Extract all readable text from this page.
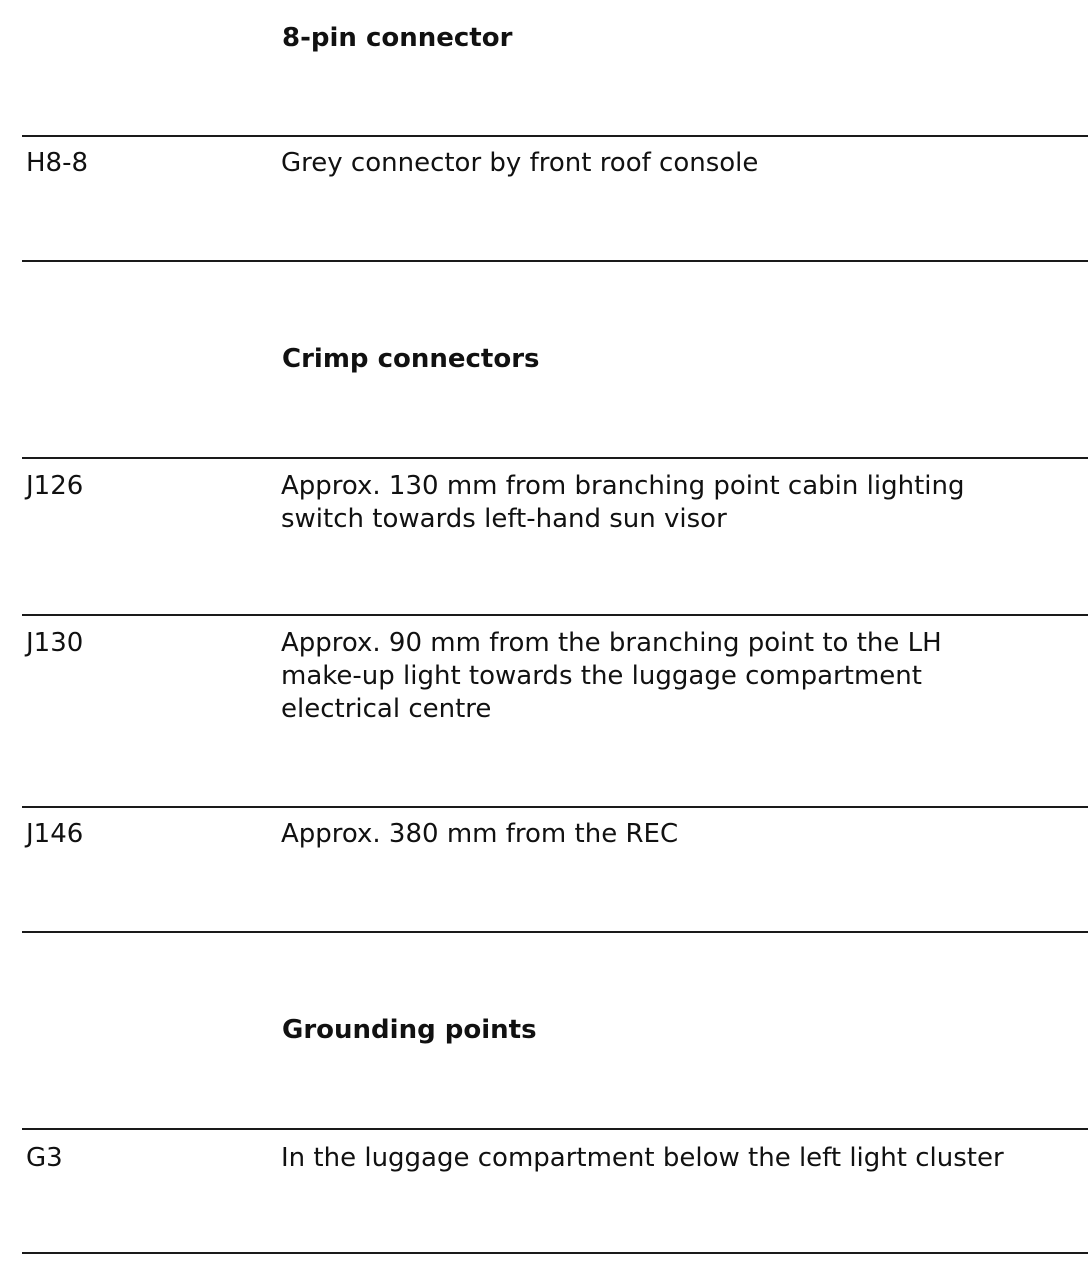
8-pin connector
H8-8	Grey connector by front roof console
Crimp connectors
J126	Approx. 130 mm from branching point cabin lighting
switch towards left-hand sun visor
J130	Approx. 90 mm from the branching point to the LH
make-up light towards the luggage compartment
electrical centre
J146	Approx. 380 mm from the REC
Grounding points
G3	In the luggage compartment below the left light cluster
